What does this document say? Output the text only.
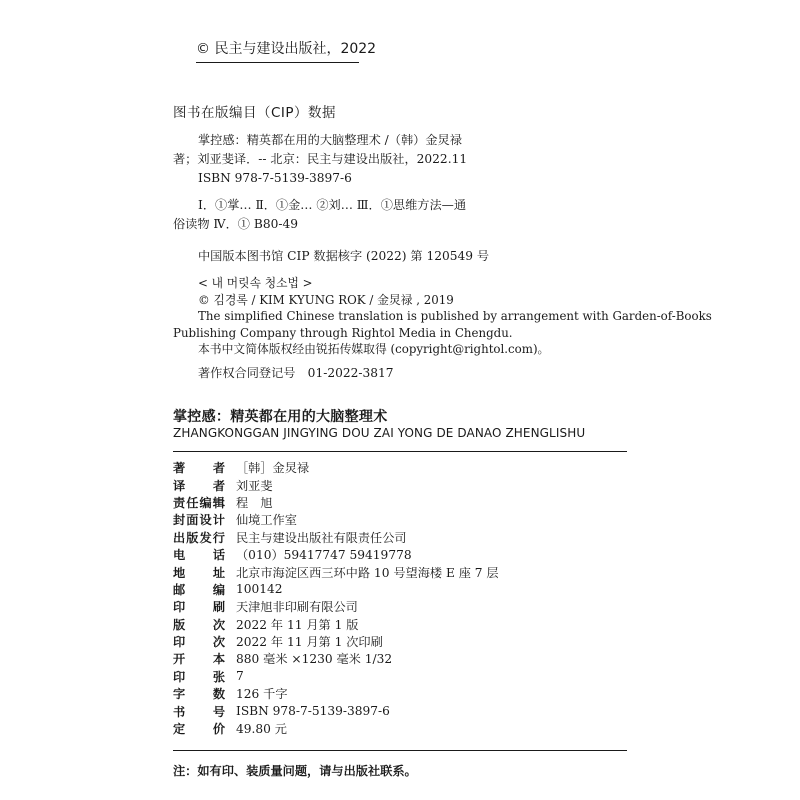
© 民主与建设出版社，2022
图书在版编目（CIP）数据
掌控感：精英都在用的大脑整理术 /（韩）金炅禄
著；刘亚斐译．-- 北京：民主与建设出版社，2022.11
ISBN 978-7-5139-3897-6
Ⅰ．①掌… Ⅱ．①金… ②刘… Ⅲ．①思维方法—通
俗读物 Ⅳ．① B80-49
中国版本图书馆 CIP 数据核字 (2022) 第 120549 号
< 내 머릿속 청소법 >
© 김경록 / KIM KYUNG ROK / 金炅禄 , 2019
The simplified Chinese translation is published by arrangement with Garden-of-Books
Publishing Company through Rightol Media in Chengdu.
本书中文简体版权经由锐拓传媒取得 (copyright@rightol.com)。
著作权合同登记号　01-2022-3817
掌控感：精英都在用的大脑整理术
ZHANGKONGGAN JINGYING DOU ZAI YONG DE DANAO ZHENGLISHU
著 者 ［韩］金炅禄
译 者 刘亚斐
责 任 编 辑 程　旭
封 面 设 计 仙境工作室
出 版 发 行 民主与建设出版社有限责任公司
电 话 （010）59417747 59419778
地 址 北京市海淀区西三环中路 10 号望海楼 E 座 7 层
邮 编 100142
印 刷 天津旭非印刷有限公司
版 次 2022 年 11 月第 1 版
印 次 2022 年 11 月第 1 次印刷
开 本 880 毫米 ×1230 毫米 1/32
印 张 7
字 数 126 千字
书 号 ISBN 978-7-5139-3897-6
定 价 49.80 元
注：如有印、装质量问题，请与出版社联系。
